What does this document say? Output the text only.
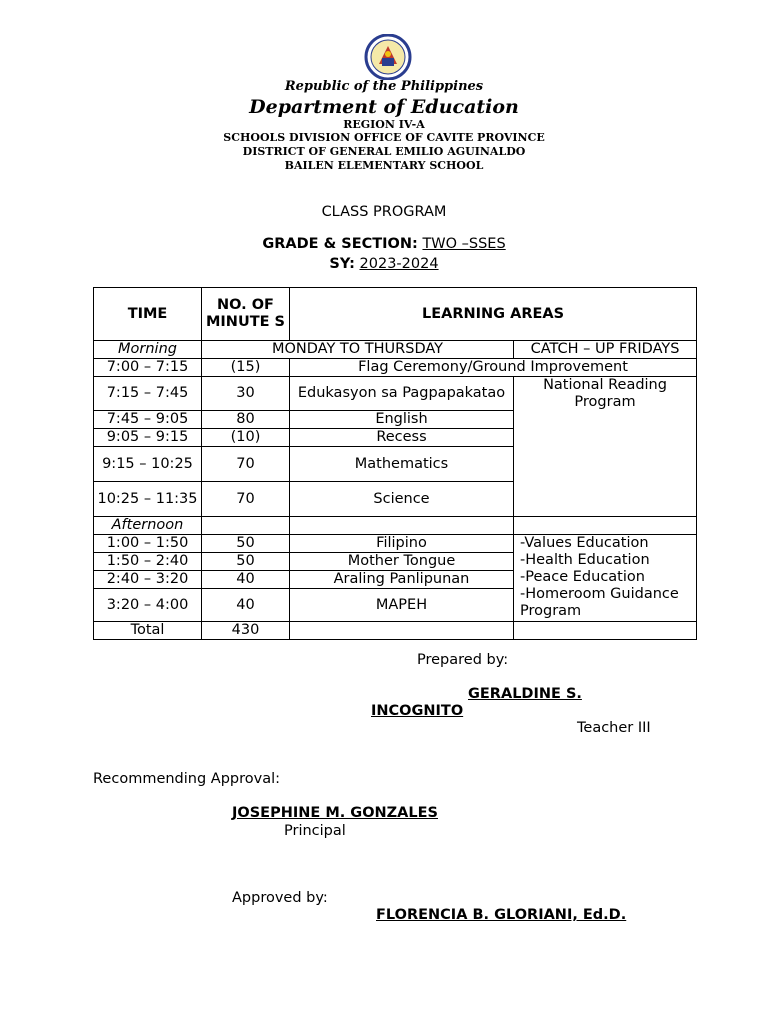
Republic of the Philippines
Department of Education
REGION IV-A
SCHOOLS DIVISION OFFICE OF CAVITE PROVINCE
DISTRICT OF GENERAL EMILIO AGUINALDO
BAILEN ELEMENTARY SCHOOL
CLASS PROGRAM
GRADE & SECTION: TWO –SSES
SY: 2023-2024
TIME	NO. OF MINUTE S	LEARNING AREAS	
Morning	MONDAY TO THURSDAY		CATCH – UP FRIDAYS
7:00 – 7:15	(15)	Flag Ceremony/Ground Improvement	
7:15 – 7:45	30	Edukasyon sa Pagpapakatao	National Reading Program
7:45 – 9:05	80	English	
9:05 – 9:15	(10)	Recess	
9:15 – 10:25	70	Mathematics	
10:25 – 11:35	70	Science	
Afternoon			
1:00 – 1:50	50	Filipino	-Values Education
-Health Education
-Peace Education
-Homeroom Guidance Program

1:50 – 2:40	50	Mother Tongue	
2:40 – 3:20	40	Araling Panlipunan	
3:20 – 4:00	40	MAPEH	
Total	430		
Prepared by:
GERALDINE S.
INCOGNITO
Teacher III
Recommending Approval:
JOSEPHINE M. GONZALES
Principal
Approved by:
FLORENCIA B. GLORIANI, Ed.D.
